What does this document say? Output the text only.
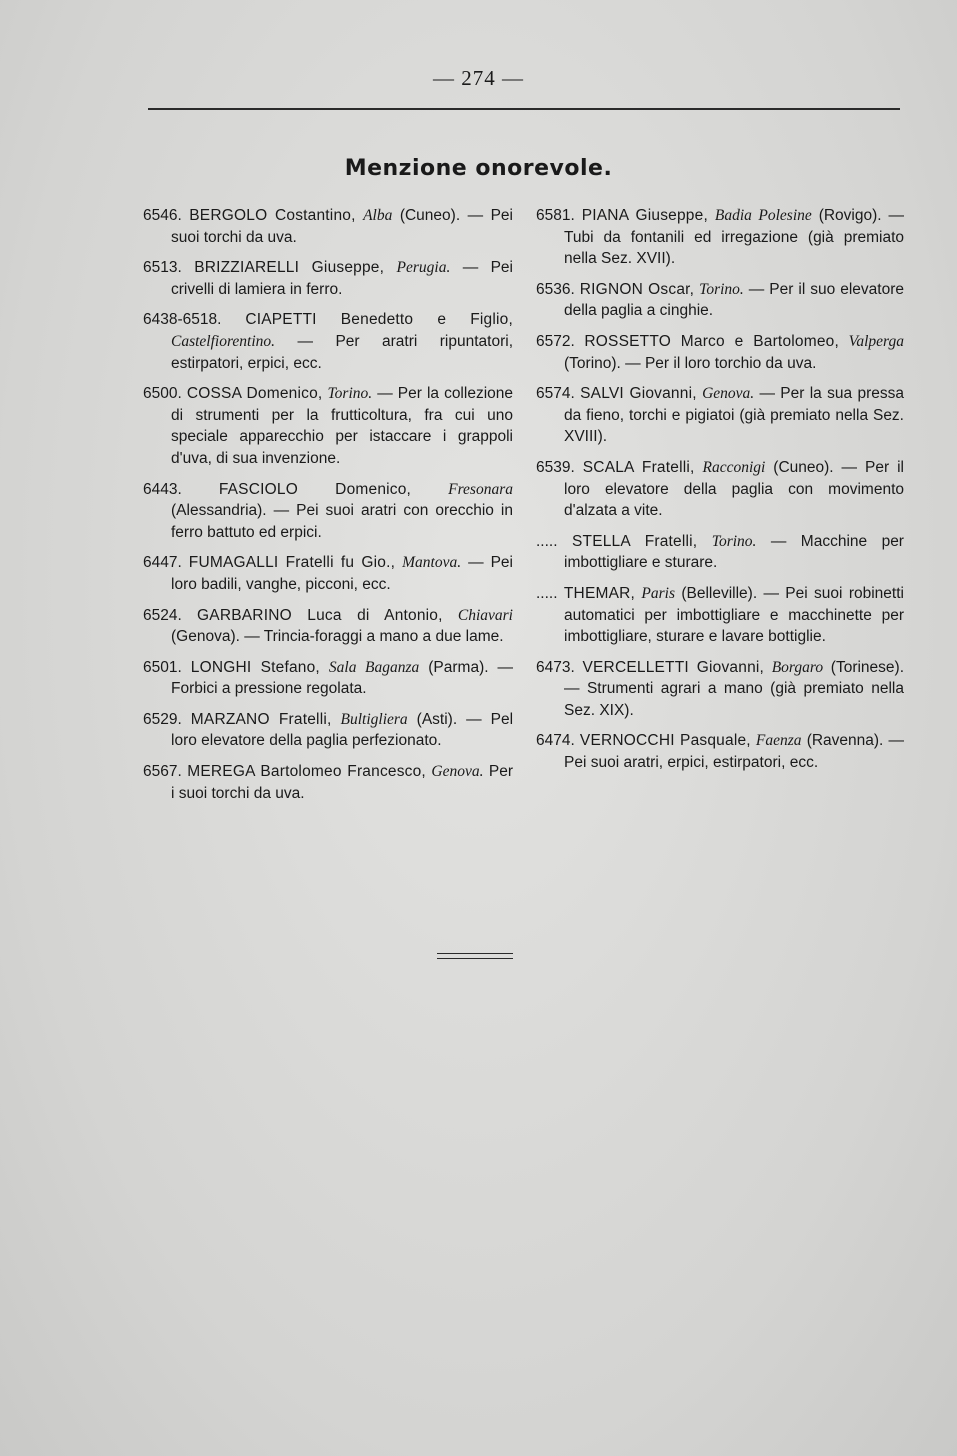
— 274 —
Menzione onorevole.

6546. BERGOLO Costantino, Alba (Cuneo). — Pei suoi torchi da uva.

6513. BRIZZIARELLI Giuseppe, Perugia. — Pei crivelli di lamiera in ferro.

6438-6518. CIAPETTI Benedetto e Figlio, Castelfiorentino. — Per aratri ripuntatori, estirpatori, erpici, ecc.

6500. COSSA Domenico, Torino. — Per la collezione di strumenti per la frutticoltura, fra cui uno speciale apparecchio per istaccare i grappoli d'uva, di sua invenzione.

6443. FASCIOLO Domenico, Fresonara (Alessandria). — Pei suoi aratri con orecchio in ferro battuto ed erpici.

6447. FUMAGALLI Fratelli fu Gio., Mantova. — Pei loro badili, vanghe, picconi, ecc.

6524. GARBARINO Luca di Antonio, Chiavari (Genova). — Trincia-foraggi a mano a due lame.

6501. LONGHI Stefano, Sala Baganza (Parma). — Forbici a pressione regolata.

6529. MARZANO Fratelli, Bultigliera (Asti). — Pel loro elevatore della paglia perfezionato.

6567. MEREGA Bartolomeo Francesco, Genova. Per i suoi torchi da uva.

6581. PIANA Giuseppe, Badia Polesine (Rovigo). — Tubi da fontanili ed irregazione (già premiato nella Sez. XVII).

6536. RIGNON Oscar, Torino. — Per il suo elevatore della paglia a cinghie.

6572. ROSSETTO Marco e Bartolomeo, Valperga (Torino). — Per il loro torchio da uva.

6574. SALVI Giovanni, Genova. — Per la sua pressa da fieno, torchi e pigiatoi (già premiato nella Sez. XVIII).

6539. SCALA Fratelli, Racconigi (Cuneo). — Per il loro elevatore della paglia con movimento d'alzata a vite.

..... STELLA Fratelli, Torino. — Macchine per imbottigliare e sturare.

..... THEMAR, Paris (Belleville). — Pei suoi robinetti automatici per imbottigliare e macchinette per imbottigliare, sturare e lavare bottiglie.

6473. VERCELLETTI Giovanni, Borgaro (Torinese). — Strumenti agrari a mano (già premiato nella Sez. XIX).

6474. VERNOCCHI Pasquale, Faenza (Ravenna). — Pei suoi aratri, erpici, estirpatori, ecc.
